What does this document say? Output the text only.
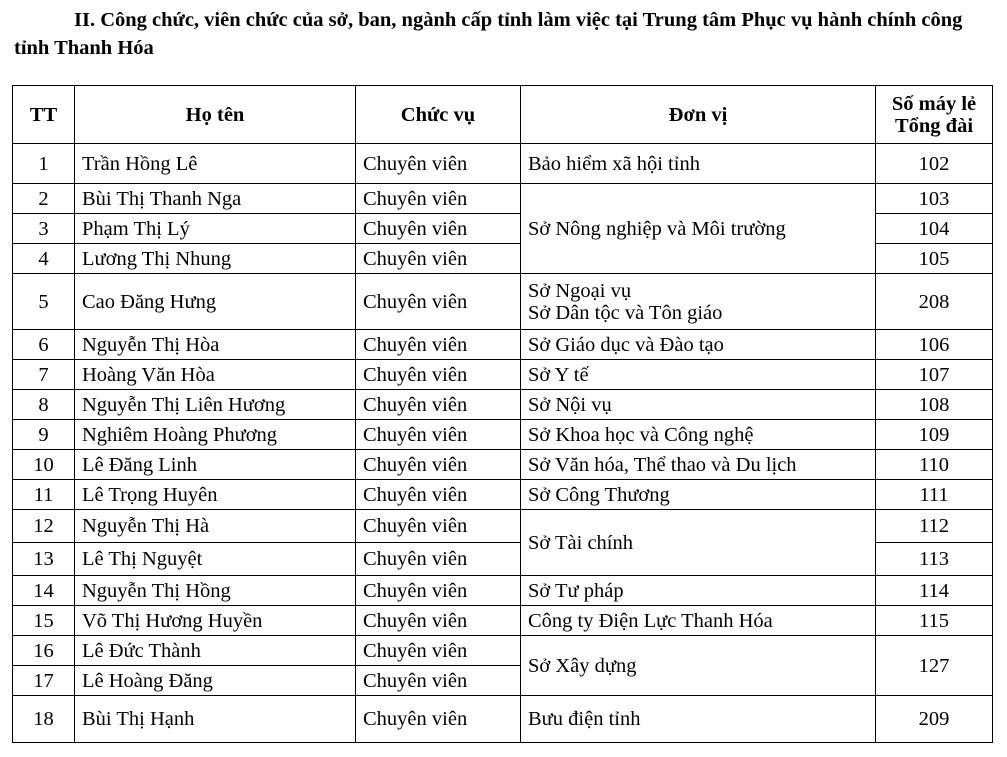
II. Công chức, viên chức của sở, ban, ngành cấp tỉnh làm việc tại Trung tâm Phục vụ hành chính công tỉnh Thanh Hóa

TT	Họ tên	Chức vụ	Đơn vị	Số máy lẻ
Tổng đài

1	Trần Hồng Lê	Chuyên viên	Bảo hiểm xã hội tỉnh	102
2	Bùi Thị Thanh Nga	Chuyên viên	Sở Nông nghiệp và Môi trường	103
3	Phạm Thị Lý	Chuyên viên		104
4	Lương Thị Nhung	Chuyên viên		105
5	Cao Đăng Hưng	Chuyên viên	Sở Ngoại vụ
Sở Dân tộc và Tôn giáo	208
6	Nguyễn Thị Hòa	Chuyên viên	Sở Giáo dục và Đào tạo	106
7	Hoàng Văn Hòa	Chuyên viên	Sở Y tế	107
8	Nguyễn Thị Liên Hương	Chuyên viên	Sở Nội vụ	108
9	Nghiêm Hoàng Phương	Chuyên viên	Sở Khoa học và Công nghệ	109
10	Lê Đăng Linh	Chuyên viên	Sở Văn hóa, Thể thao và Du lịch	110
11	Lê Trọng Huyên	Chuyên viên	Sở Công Thương	111
12	Nguyễn Thị Hà	Chuyên viên	Sở Tài chính	112
13	Lê Thị Nguyệt	Chuyên viên		113
14	Nguyễn Thị Hồng	Chuyên viên	Sở Tư pháp	114
15	Võ Thị Hương Huyền	Chuyên viên	Công ty Điện Lực Thanh Hóa	115
16	Lê Đức Thành	Chuyên viên	Sở Xây dựng	127
17	Lê Hoàng Đăng	Chuyên viên		
18	Bùi Thị Hạnh	Chuyên viên	Bưu điện tỉnh	209
